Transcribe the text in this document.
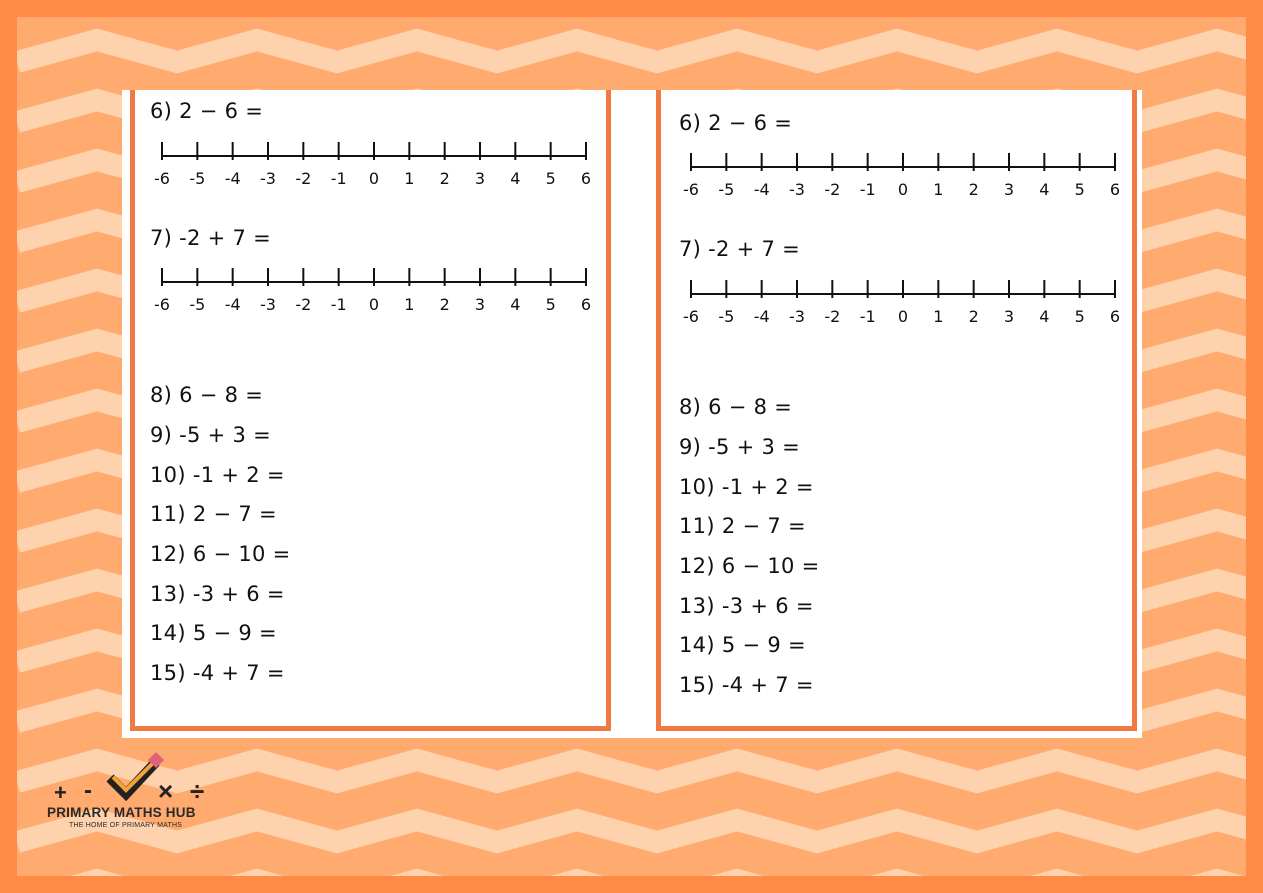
6) 2 − 6 =
-6 -5 -4 -3 -2 -1 0 1 2 3 4 5 6
7) -2 + 7 =
-6 -5 -4 -3 -2 -1 0 1 2 3 4 5 6
8) 6 − 8 =
9) -5 + 3 =
10) -1 + 2 =
11) 2 − 7 =
12) 6 − 10 =
13) -3 + 6 =
14) 5 − 9 =
15) -4 + 7 =
6) 2 − 6 =
-6 -5 -4 -3 -2 -1 0 1 2 3 4 5 6
7) -2 + 7 =
-6 -5 -4 -3 -2 -1 0 1 2 3 4 5 6
8) 6 − 8 =
9) -5 + 3 =
10) -1 + 2 =
11) 2 − 7 =
12) 6 − 10 =
13) -3 + 6 =
14) 5 − 9 =
15) -4 + 7 =
+ -	× ÷
PRIMARY MATHS HUB
THE HOME OF PRIMARY MATHS
